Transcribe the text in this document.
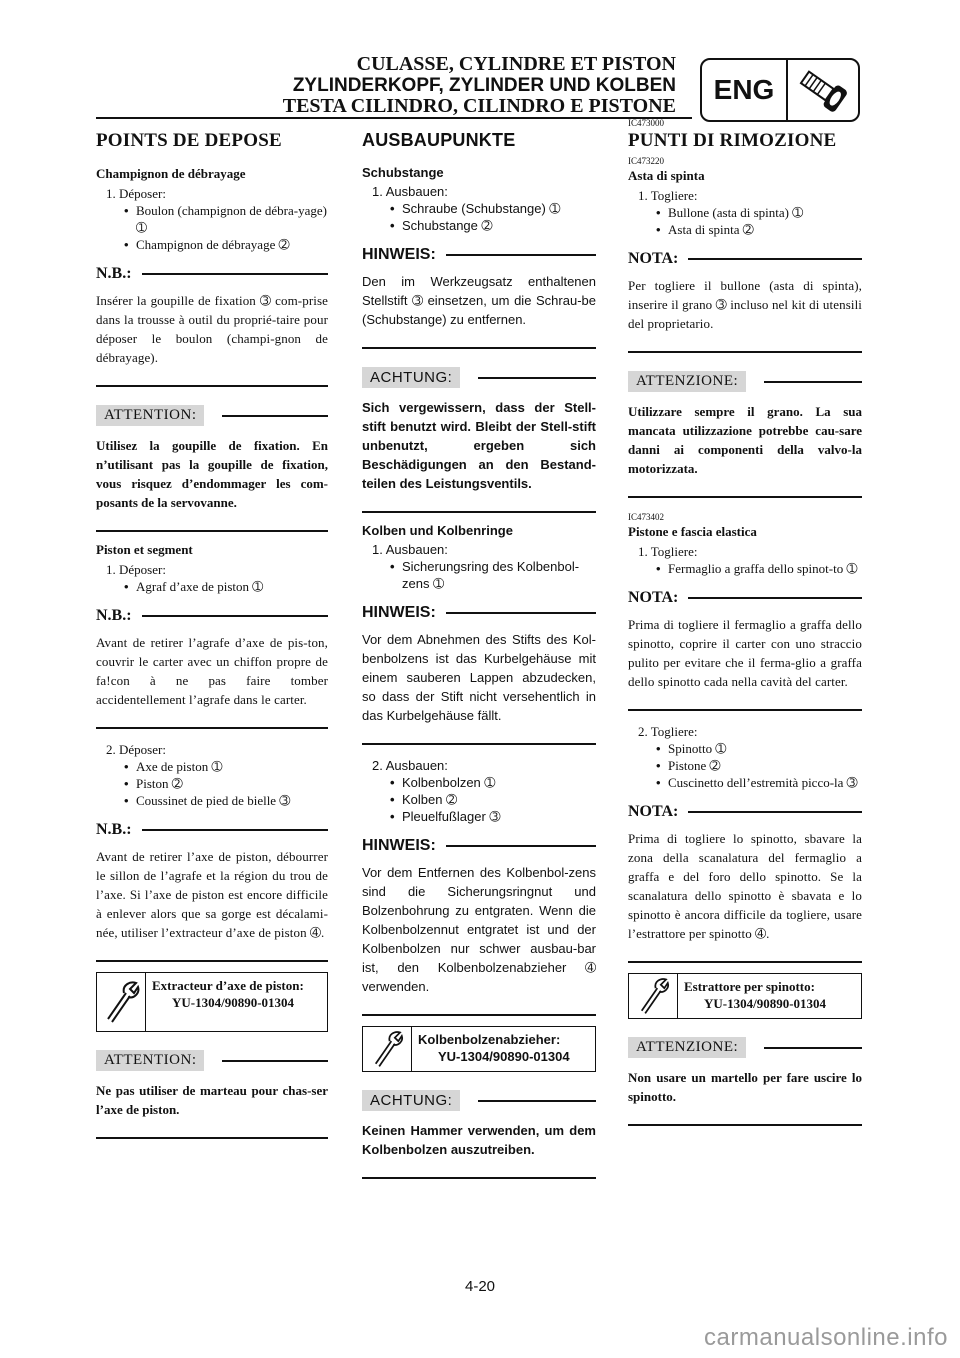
CULASSE, CYLINDRE ET PISTON
ZYLINDERKOPF, ZYLINDER UND KOLBEN
TESTA CILINDRO, CILINDRO E PISTONE
ENG
POINTS DE DEPOSE
Champignon de débrayage
1. Déposer:
• Boulon (champignon de débra-yage) ➀
• Champignon de débrayage ➁
N.B.:
Insérer la goupille de fixation ➂ com-prise dans la trousse à outil du proprié-taire pour déposer le boulon (champi-gnon de débrayage).
ATTENTION:
Utilisez la goupille de fixation. En n’utilisant pas la goupille de fixation, vous risquez d’endommager les com-posants de la servovanne.
Piston et segment
1. Déposer:
• Agraf d’axe de piston ➀
N.B.:
Avant de retirer l’agrafe d’axe de pis-ton, couvrir le carter avec un chiffon propre de fa!con à ne pas faire tomber accidentellement l’agrafe dans le carter.
2. Déposer:
• Axe de piston ➀
• Piston ➁
• Coussinet de pied de bielle ➂
N.B.:
Avant de retirer l’axe de piston, débourrer le sillon de l’agrafe et la région du trou de l’axe. Si l’axe de piston est encore difficile à enlever alors que sa gorge est décalami-née, utiliser l’extracteur d’axe de piston ➃.
Extracteur d’axe de piston:
YU-1304/90890-01304
ATTENTION:
Ne pas utiliser de marteau pour chas-ser l’axe de piston.
AUSBAUPUNKTE
Schubstange
1. Ausbauen:
• Schraube (Schubstange) ➀
• Schubstange ➁
HINWEIS:
Den im Werkzeugsatz enthaltenen Stellstift ➂ einsetzen, um die Schrau-be (Schubstange) zu entfernen.
ACHTUNG:
Sich vergewissern, dass der Stell-stift benutzt wird. Bleibt der Stell-stift unbenutzt, ergeben sich Beschädigungen an den Bestand-teilen des Leistungsventils.
Kolben und Kolbenringe
1. Ausbauen:
• Sicherungsring des Kolbenbol-zens ➀
HINWEIS:
Vor dem Abnehmen des Stifts des Kol-benbolzens ist das Kurbelgehäuse mit einem sauberen Lappen abzudecken, so dass der Stift nicht versehentlich in das Kurbelgehäuse fällt.
2. Ausbauen:
• Kolbenbolzen ➀
• Kolben ➁
• Pleuelfußlager ➂
HINWEIS:
Vor dem Entfernen des Kolbenbol-zens sind die Sicherungsringnut und Bolzenbohrung zu entgraten. Wenn die Kolbenbolzennut entgratet ist und der Kolbenbolzen nur schwer ausbau-bar ist, den Kolbenbolzenabzieher ➃ verwenden.
Kolbenbolzenabzieher:
YU-1304/90890-01304
ACHTUNG:
Keinen Hammer verwenden, um dem Kolbenbolzen auszutreiben.
IC473000
PUNTI DI RIMOZIONE
IC473220
Asta di spinta
1. Togliere:
• Bullone (asta di spinta) ➀
• Asta di spinta ➁
NOTA:
Per togliere il bullone (asta di spinta), inserire il grano ➂ incluso nel kit di utensili del proprietario.
ATTENZIONE:
Utilizzare sempre il grano. La sua mancata utilizzazione potrebbe cau-sare danni ai componenti della valvo-la motorizzata.
IC473402
Pistone e fascia elastica
1. Togliere:
• Fermaglio a graffa dello spinot-to ➀
NOTA:
Prima di togliere il fermaglio a graffa dello spinotto, coprire il carter con uno straccio pulito per evitare che il ferma-glio a graffa dello spinotto cada nella cavità del carter.
2. Togliere:
• Spinotto ➀
• Pistone ➁
• Cuscinetto dell’estremità picco-la ➂
NOTA:
Prima di togliere lo spinotto, sbavare la zona della scanalatura del fermaglio a graffa e del foro dello spinotto. Se la scanalatura dello spinotto è sbavata e lo spinotto è ancora difficile da togliere, usare l’estrattore per spinotto ➃.
Estrattore per spinotto:
YU-1304/90890-01304
ATTENZIONE:
Non usare un martello per fare uscire lo spinotto.
4-20
carmanualsonline.info
